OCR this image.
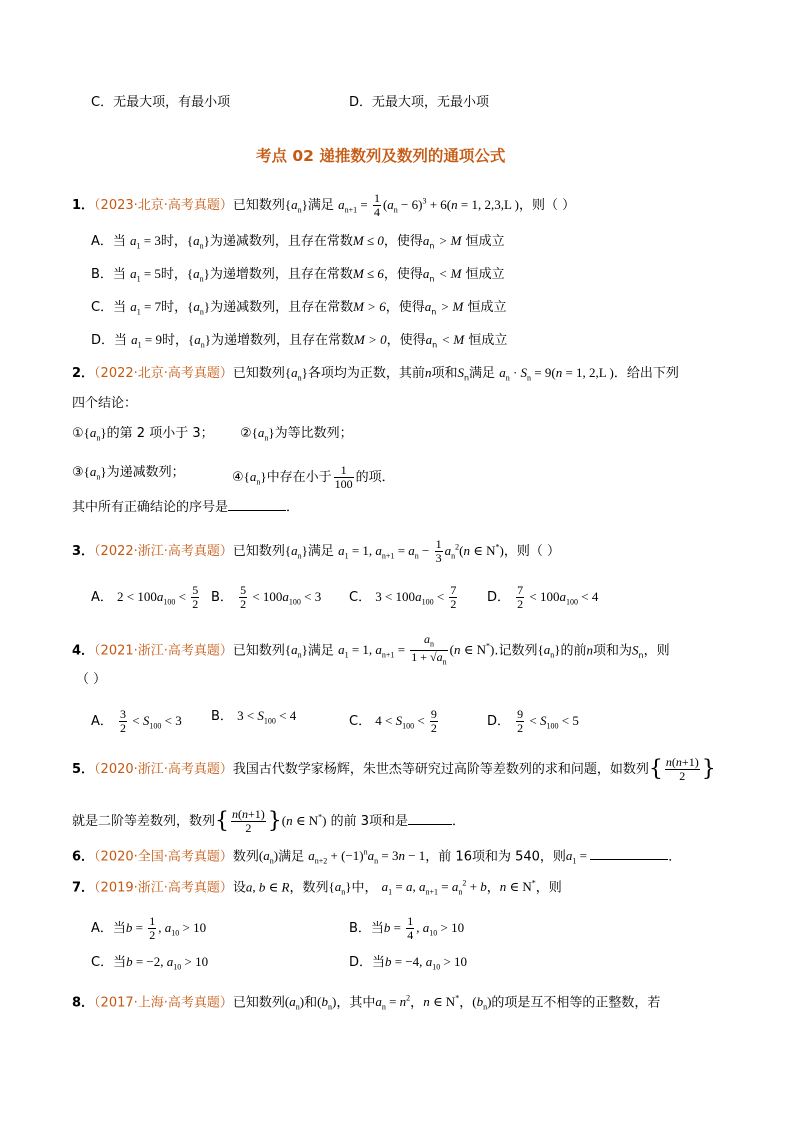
C．无最大项，有最小项	D．无最大项，无最小项
考点 02 递推数列及数列的通项公式
1．（2023·北京·高考真题）已知数列$\{a_n\}$满足 $a_{n+1} = \frac{1}{4} (a_n - 6)^3 + 6(n = 1$, 2,3,L )，则（ ）
A．当 $a_1 = 3$时，$\{a_n\}$为递减数列，且存在常数M ≤ 0，使得$a_n > M$ 恒成立
B．当 $a_1 = 5$时，$\{a_n\}$为递增数列，且存在常数M ≤ 6，使得$a_n < M$ 恒成立
C．当 $a_1 = 7$时，$\{a_n\}$为递减数列，且存在常数M > 6，使得$a_n > M$ 恒成立
D．当 $a_1 = 9$时，$\{a_n\}$为递增数列，且存在常数M > 0，使得$a_n < M$ 恒成立
2．（2022·北京·高考真题）已知数列$\{a_n\}$各项均为正数，其前n项和$S_n$满足 $a_n \cdot S_n = 9(n = 1$, 2,L )．给出下列
四个结论：
$①\{a_n\}$的第 2 项小于 3； $②\{a_n\}$为等比数列；
$③\{a_n\}$为递减数列；	$④\{a_n\}$中存在小于 $\frac{1}{100}$ 的项．
其中所有正确结论的序号是	．
3．（2022·浙江·高考真题）已知数列$\{a_n\}$满足 $a_1 = 1$, $a_{n+1} = a_n - \frac{1}{3} a_n^2(n$ ∈ N*)，则（ ）
A． $2 < 100a_{100} < \frac{5}{2}$ B． $\frac{5}{2} < 100a_{100} < 3$ C． $3 < 100a_{100} < \frac{7}{2}$ D． $\frac{7}{2} < 100a_{100} < 4$
4．（2021·浙江·高考真题）已知数列$\{a_n\}$满足 $a_1 = 1$, $a_{n+1} = \frac{a_n}{1 + √a_n} (n$ ∈ N*).记数列$\{a_n\}$的前n项和为$S_n$，则
（ ）
A． $\frac{3}{2} < S_{100} < 3$ B． $3 < S_{100} < 4$	C． $4 < S_{100} < \frac{9}{2}$	D． $\frac{9}{2} < S_{100} < 5$
5．（2020·浙江·高考真题）我国古代数学家杨辉，朱世杰等研究过高阶等差数列的求和问题，如数列{ $\frac{n(n+1)}{2}$ }
就是二阶等差数列，数列{ $\frac{n(n+1)}{2} \}(n$ ∈ N*) 的前 3项和是	．
6．（2020·全国·高考真题）数列$(a_n)$满足 $a_{n+2} + (-1)^na_n = 3n - 1$，前 16项和为 540，则$a_1$ =	．
7．（2019·浙江·高考真题）设a, b ∈ R，数列$\{a_n\}$中， $a_1 = a$, $a_{n+1} = a_n^2 + b$，n ∈ N*，则
A．当$b = \frac{1}{2}$ , $a_{10} > 10$	B．当$b = \frac{1}{4}$ , $a_{10} > 10$
C．当b = −2, $a_{10} > 10$	D．当b = −4, $a_{10} > 10$
8．（2017·上海·高考真题）已知数列$(a_n)$和$(b_n)$，其中$a_n = n^2$，n ∈ N*，$(b_n)$的项是互不相等的正整数，若
